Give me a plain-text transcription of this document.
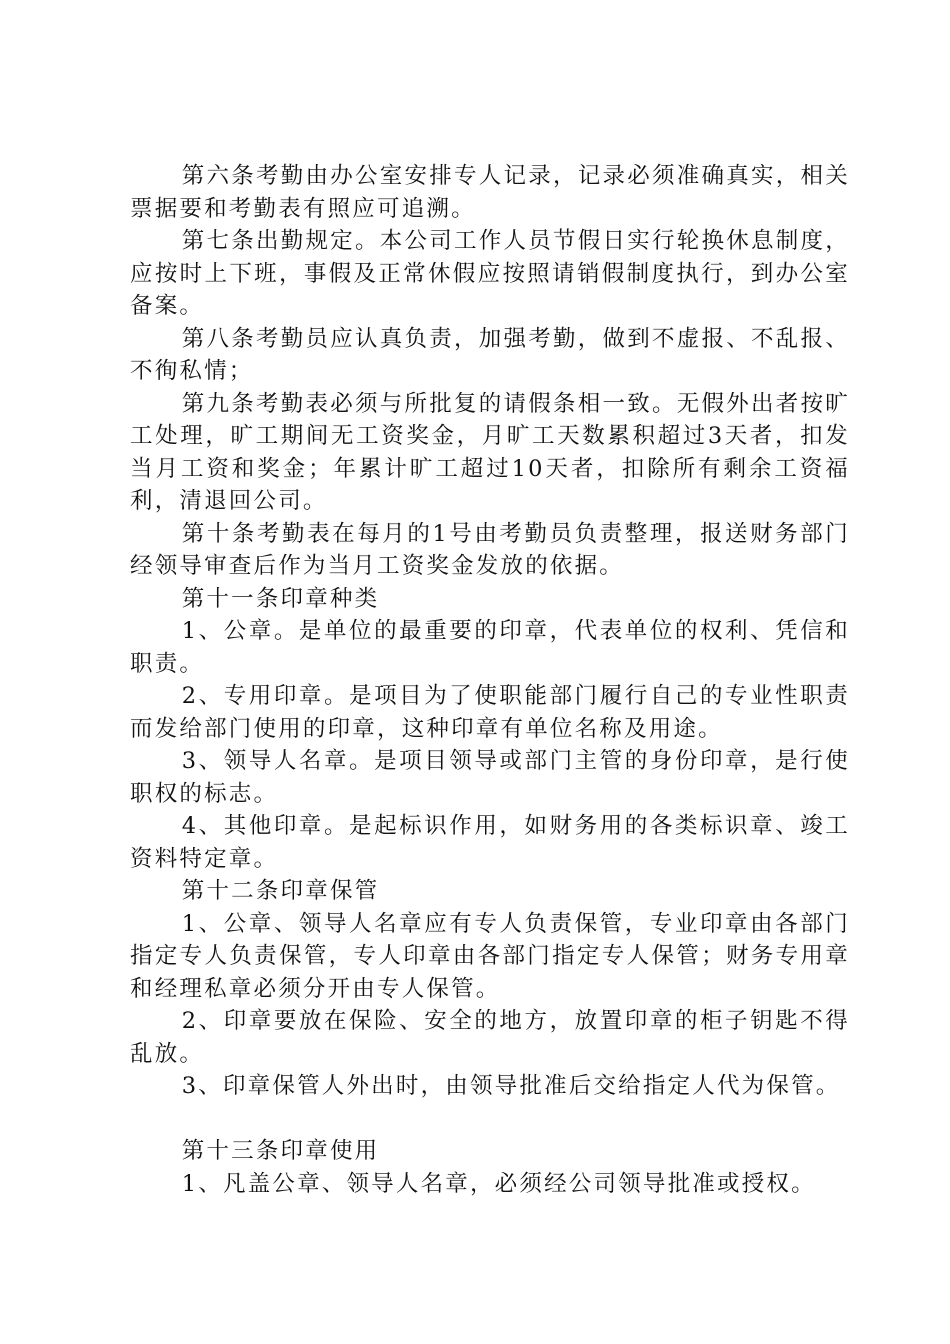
第六条考勤由办公室安排专人记录，记录必须准确真实，相关票据要和考勤表有照应可追溯。

第七条出勤规定。本公司工作人员节假日实行轮换休息制度，应按时上下班，事假及正常休假应按照请销假制度执行，到办公室备案。

第八条考勤员应认真负责，加强考勤，做到不虚报、不乱报、不徇私情；

第九条考勤表必须与所批复的请假条相一致。无假外出者按旷工处理，旷工期间无工资奖金，月旷工天数累积超过3天者，扣发当月工资和奖金；年累计旷工超过10天者，扣除所有剩余工资福利，清退回公司。

第十条考勤表在每月的1号由考勤员负责整理，报送财务部门经领导审查后作为当月工资奖金发放的依据。

第十一条印章种类

1、公章。是单位的最重要的印章，代表单位的权利、凭信和职责。

2、专用印章。是项目为了使职能部门履行自己的专业性职责而发给部门使用的印章，这种印章有单位名称及用途。

3、领导人名章。是项目领导或部门主管的身份印章，是行使职权的标志。

4、其他印章。是起标识作用，如财务用的各类标识章、竣工资料特定章。

第十二条印章保管

1、公章、领导人名章应有专人负责保管，专业印章由各部门指定专人负责保管，专人印章由各部门指定专人保管；财务专用章和经理私章必须分开由专人保管。

2、印章要放在保险、安全的地方，放置印章的柜子钥匙不得乱放。

3、印章保管人外出时，由领导批准后交给指定人代为保管。

第十三条印章使用

1、凡盖公章、领导人名章，必须经公司领导批准或授权。
